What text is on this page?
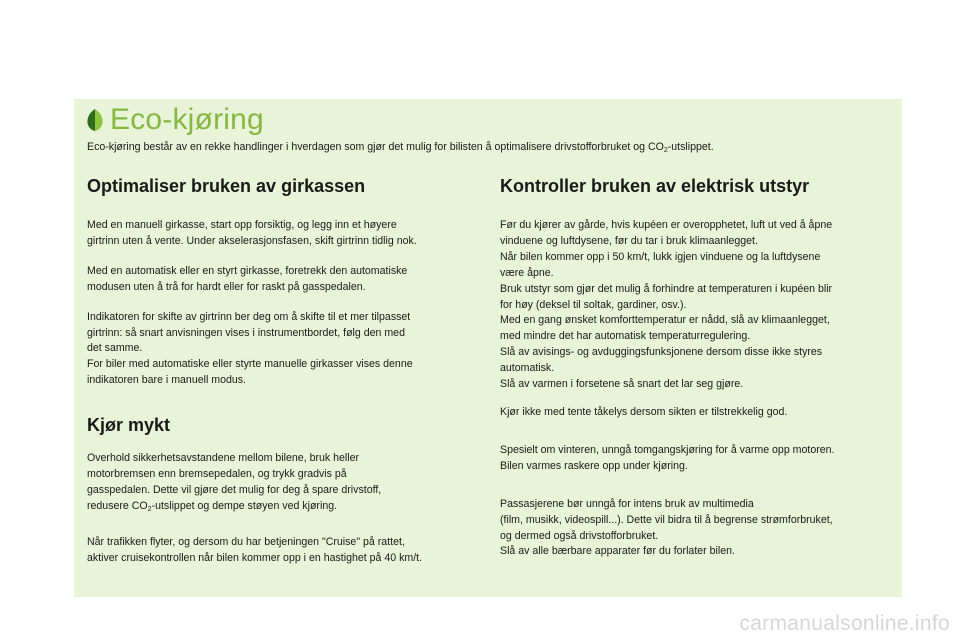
Eco-kjøring
Eco-kjøring består av en rekke handlinger i hverdagen som gjør det mulig for bilisten å optimalisere drivstofforbruket og $CO_2$-utslippet.
Optimaliser bruken av girkassen

Med en manuell girkasse, start opp forsiktig, og legg inn et høyere
girtrinn uten å vente. Under akselerasjonsfasen, skift girtrinn tidlig nok.

Med en automatisk eller en styrt girkasse, foretrekk den automatiske
modusen uten å trå for hardt eller for raskt på gasspedalen.

Indikatoren for skifte av girtrinn ber deg om å skifte til et mer tilpasset
girtrinn: så snart anvisningen vises i instrumentbordet, følg den med
det samme.
For biler med automatiske eller styrte manuelle girkasser vises denne
indikatoren bare i manuell modus.

Kjør mykt

Overhold sikkerhetsavstandene mellom bilene, bruk heller
motorbremsen enn bremsepedalen, og trykk gradvis på
gasspedalen. Dette vil gjøre det mulig for deg å spare drivstoff,
redusere $CO_2$-utslippet og dempe støyen ved kjøring.

Når trafikken flyter, og dersom du har betjeningen "Cruise" på rattet,
aktiver cruisekontrollen når bilen kommer opp i en hastighet på 40 km/t.

Kontroller bruken av elektrisk utstyr

Før du kjører av gårde, hvis kupéen er overopphetet, luft ut ved å åpne
vinduene og luftdysene, før du tar i bruk klimaanlegget.
Når bilen kommer opp i 50 km/t, lukk igjen vinduene og la luftdysene
være åpne.
Bruk utstyr som gjør det mulig å forhindre at temperaturen i kupéen blir
for høy (deksel til soltak, gardiner, osv.).
Med en gang ønsket komforttemperatur er nådd, slå av klimaanlegget,
med mindre det har automatisk temperaturregulering.
Slå av avisings- og avduggingsfunksjonene dersom disse ikke styres
automatisk.
Slå av varmen i forsetene så snart det lar seg gjøre.

Kjør ikke med tente tåkelys dersom sikten er tilstrekkelig god.

Spesielt om vinteren, unngå tomgangskjøring for å varme opp motoren.
Bilen varmes raskere opp under kjøring.

Passasjerene bør unngå for intens bruk av multimedia
(film, musikk, videospill...). Dette vil bidra til å begrense strømforbruket,
og dermed også drivstofforbruket.
Slå av alle bærbare apparater før du forlater bilen.

carmanualsonline.info
